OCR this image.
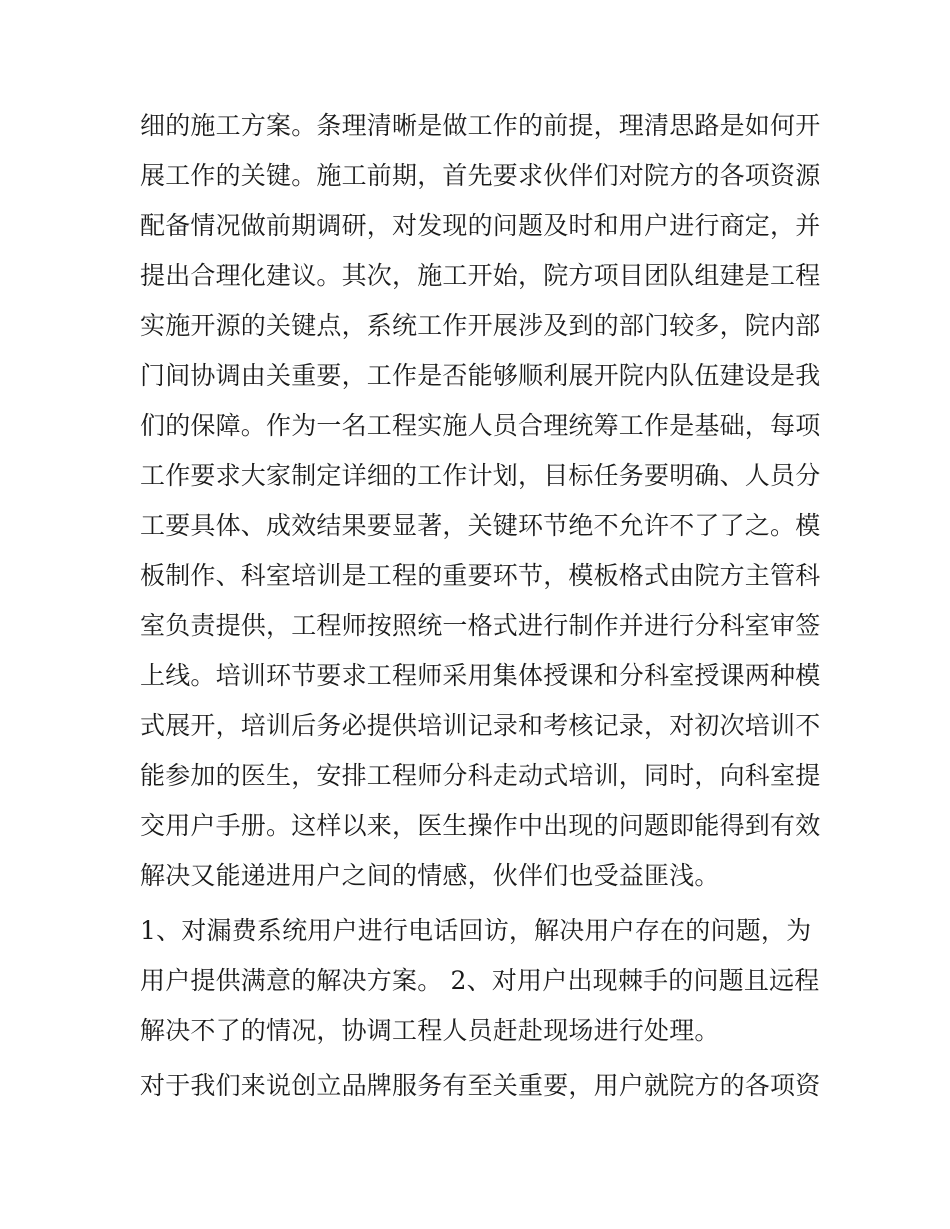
细的施工方案。条理清晰是做工作的前提，理清思路是如何开
展工作的关键。施工前期，首先要求伙伴们对院方的各项资源
配备情况做前期调研，对发现的问题及时和用户进行商定，并
提出合理化建议。其次，施工开始，院方项目团队组建是工程
实施开源的关键点，系统工作开展涉及到的部门较多，院内部
门间协调由关重要，工作是否能够顺利展开院内队伍建设是我
们的保障。作为一名工程实施人员合理统筹工作是基础，每项
工作要求大家制定详细的工作计划，目标任务要明确、人员分
工要具体、成效结果要显著，关键环节绝不允许不了了之。模
板制作、科室培训是工程的重要环节，模板格式由院方主管科
室负责提供，工程师按照统一格式进行制作并进行分科室审签
上线。培训环节要求工程师采用集体授课和分科室授课两种模
式展开，培训后务必提供培训记录和考核记录，对初次培训不
能参加的医生，安排工程师分科走动式培训，同时，向科室提
交用户手册。这样以来，医生操作中出现的问题即能得到有效
解决又能递进用户之间的情感，伙伴们也受益匪浅。
1、对漏费系统用户进行电话回访，解决用户存在的问题，为
用户提供满意的解决方案。 2、对用户出现棘手的问题且远程
解决不了的情况，协调工程人员赶赴现场进行处理。
对于我们来说创立品牌服务有至关重要，用户就院方的各项资
